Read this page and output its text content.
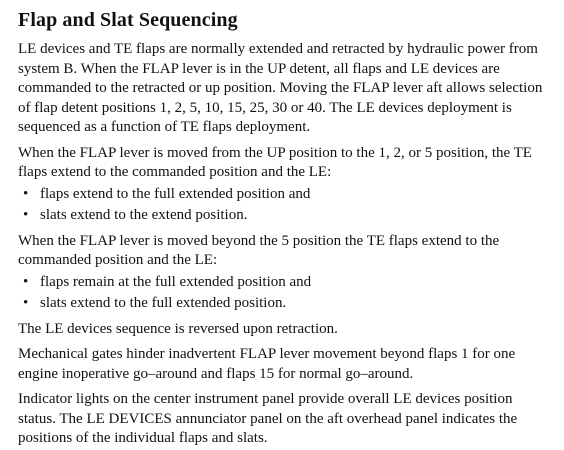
Flap and Slat Sequencing

LE devices and TE flaps are normally extended and retracted by hydraulic power from system B. When the FLAP lever is in the UP detent, all flaps and LE devices are commanded to the retracted or up position. Moving the FLAP lever aft allows selection of flap detent positions 1, 2, 5, 10, 15, 25, 30 or 40. The LE devices deployment is sequenced as a function of TE flaps deployment.

When the FLAP lever is moved from the UP position to the 1, 2, or 5 position, the TE flaps extend to the commanded position and the LE:

• flaps extend to the full extended position and
• slats extend to the extend position.

When the FLAP lever is moved beyond the 5 position the TE flaps extend to the commanded position and the LE:

• flaps remain at the full extended position and
• slats extend to the full extended position.

The LE devices sequence is reversed upon retraction.

Mechanical gates hinder inadvertent FLAP lever movement beyond flaps 1 for one engine inoperative go–around and flaps 15 for normal go–around.

Indicator lights on the center instrument panel provide overall LE devices position status. The LE DEVICES annunciator panel on the aft overhead panel indicates the positions of the individual flaps and slats.
